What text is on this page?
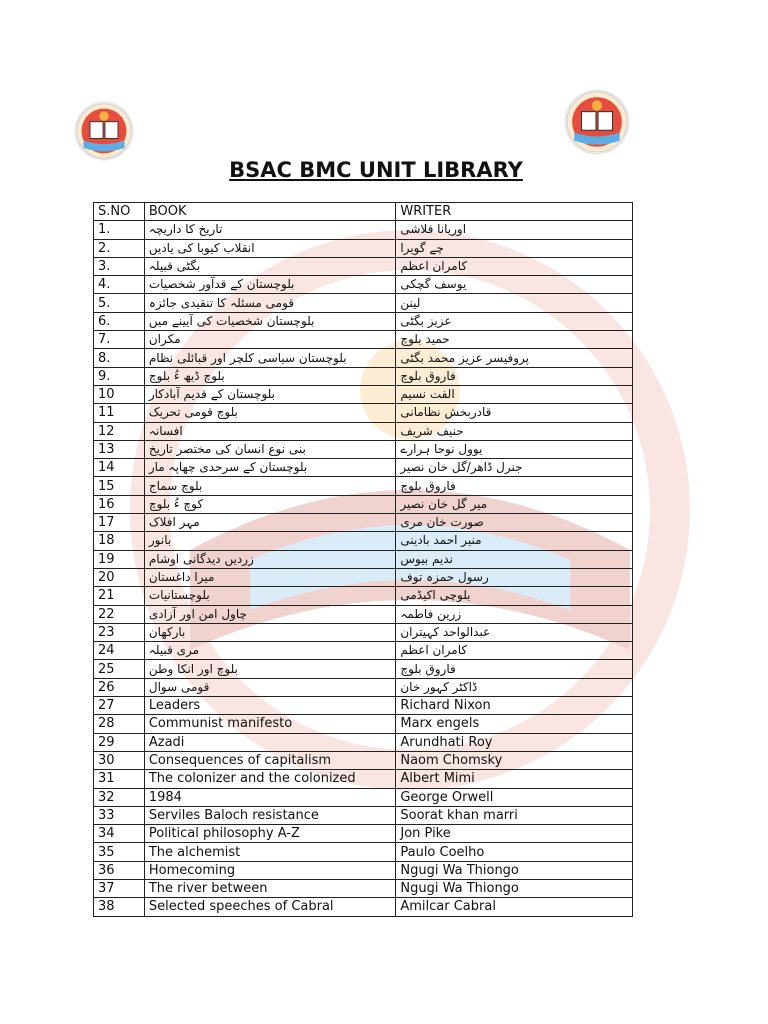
BSAC BMC UNIT LIBRARY
S.NO	BOOK	WRITER
1.	تاریخ کا داریچہ	اوریانا فلاشی
2.	انقلاب کیوبا کی یادیں	چے گویرا
3.	بگٹی قبیلہ	کامران اعظم
4.	بلوچستان کے قدآور شخصیات	یوسف گچکی
5.	قومی مسئلہ کا تنقیدی جائزہ	لینن
6.	بلوچستان شخصیات کی آیینے میں	عزیز بگٹی
7.	مکران	حمید بلوچ
8.	بلوچستان سیاسی کلچر اور قبائلی نظام	پروفیسر عزیز محمد بگٹی
9.	بلوچ ڈیھ ءُ بلوچ	فاروق بلوچ
10	بلوچستان کے قدیم آبادکار	الفت نسیم
11	بلوچ قومی تحریک	قادربخش نظامانی
12	افسانہ	حنیف شریف
13	بنی نوع انسان کی مختصر تاریخ	یوول نوحا ہرارے
14	بلوچستان کے سرحدی چھاپہ مار	جنرل ڈاھر/گل خان نصیر
15	بلوچ سماج	فاروق بلوچ
16	کوچ ءُ بلوچ	میر گل خان نصیر
17	مہر افلاک	صورت خان مری
18	بانور	منیر احمد بادینی
19	زردیں دیدگانی اوشام	ندیم بیوس
20	میرا داغستان	رسول حمزہ توف
21	بلوچستانیات	بلوچی اکیڈمی
22	چاول امن اور آزادی	زرین فاطمہ
23	بارکھان	عبدالواحد کہیتران
24	مری قبیلہ	کامران اعظم
25	بلوچ اور انکا وطن	فاروق بلوچ
26	قومی سوال	ڈاکٹر کہور خان
27	Leaders	Richard Nixon
28	Communist manifesto	Marx engels
29	Azadi	Arundhati Roy
30	Consequences of capitalism	Naom Chomsky
31	The colonizer and the colonized	Albert Mimi
32	1984	George Orwell
33	Serviles Baloch resistance	Soorat khan marri
34	Political philosophy A-Z	Jon Pike
35	The alchemist	Paulo Coelho
36	Homecoming	Ngugi Wa Thiongo
37	The river between	Ngugi Wa Thiongo
38	Selected speeches of Cabral	Amilcar Cabral
